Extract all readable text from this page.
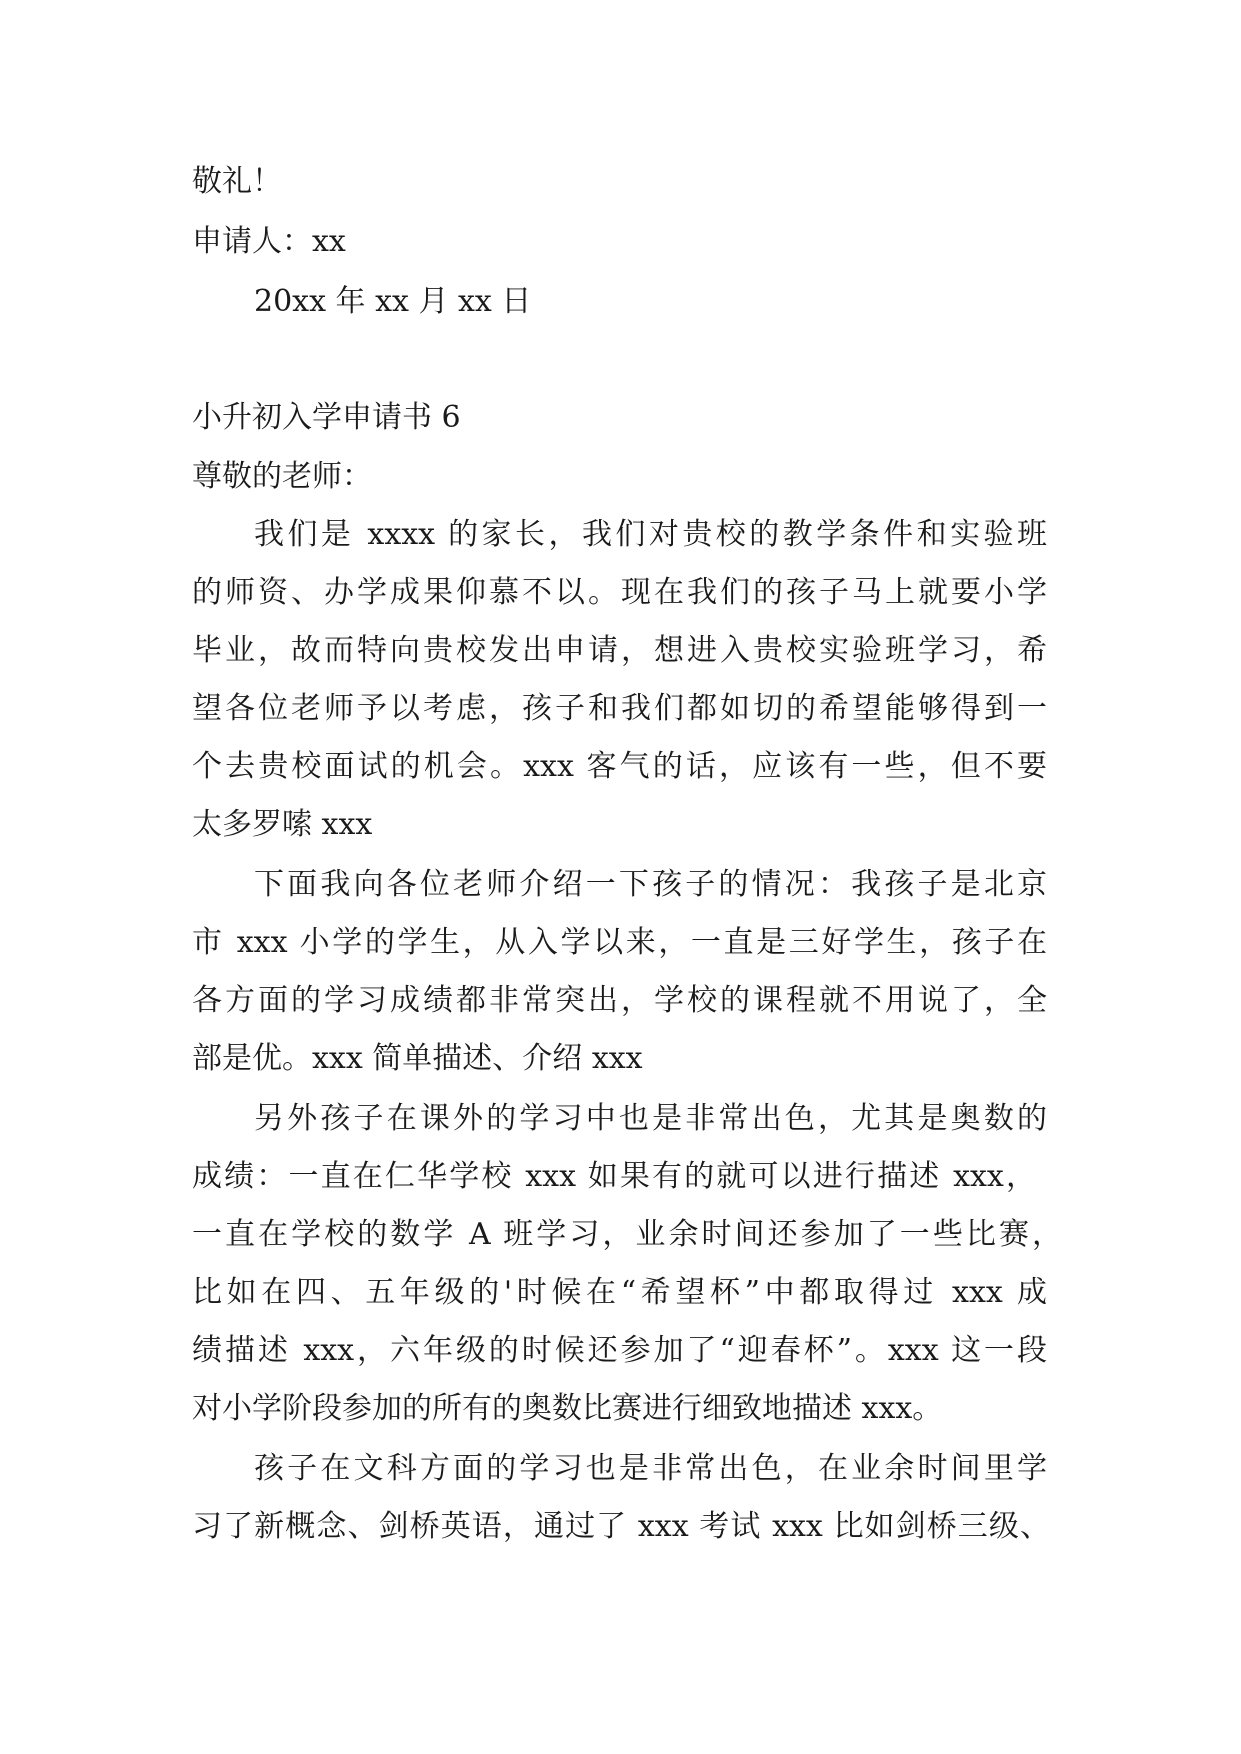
敬礼！
申请人：xx
20xx 年 xx 月 xx 日
小升初入学申请书 6
尊敬的老师：
我们是 xxxx 的家长，我们对贵校的教学条件和实验班
的师资、办学成果仰慕不以。现在我们的孩子马上就要小学
毕业，故而特向贵校发出申请，想进入贵校实验班学习，希
望各位老师予以考虑，孩子和我们都如切的希望能够得到一
个去贵校面试的机会。xxx 客气的话，应该有一些，但不要
太多罗嗦 xxx
下面我向各位老师介绍一下孩子的情况：我孩子是北京
市 xxx 小学的学生，从入学以来，一直是三好学生，孩子在
各方面的学习成绩都非常突出，学校的课程就不用说了，全
部是优。xxx 简单描述、介绍 xxx
另外孩子在课外的学习中也是非常出色，尤其是奥数的
成绩：一直在仁华学校 xxx 如果有的就可以进行描述 xxx，
一直在学校的数学 A 班学习，业余时间还参加了一些比赛，
比如在四、五年级的'时候在“希望杯”中都取得过 xxx 成
绩描述 xxx，六年级的时候还参加了“迎春杯”。xxx 这一段
对小学阶段参加的所有的奥数比赛进行细致地描述 xxx。
孩子在文科方面的学习也是非常出色，在业余时间里学
习了新概念、剑桥英语，通过了 xxx 考试 xxx 比如剑桥三级、
